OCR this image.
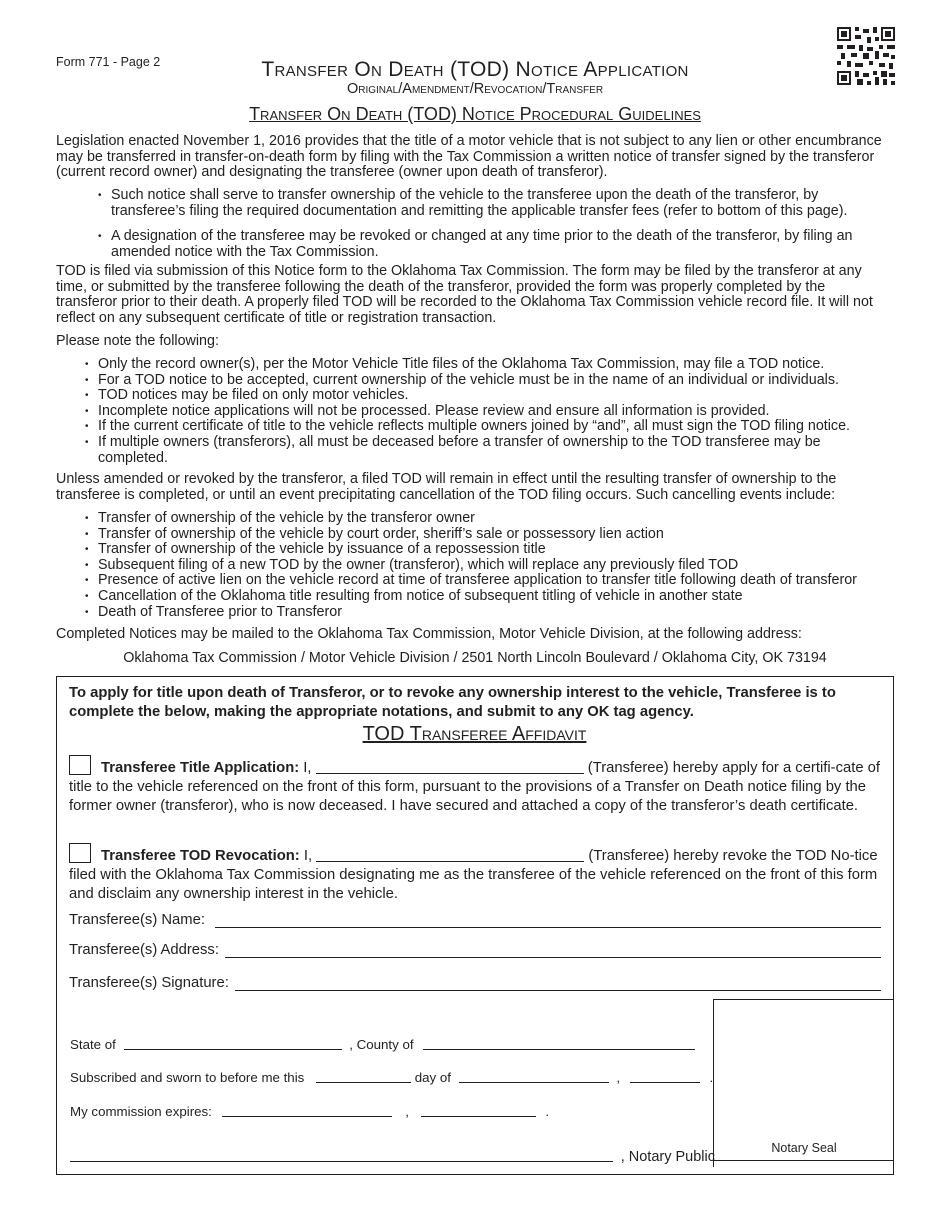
Form 771 - Page 2	Transfer On Death (TOD) Notice Application
Original/Amendment/Revocation/Transfer
Transfer On Death (TOD) Notice Procedural Guidelines

Legislation enacted November 1, 2016 provides that the title of a motor vehicle that is not subject to any lien or other encumbrance may be transferred in transfer-on-death form by filing with the Tax Commission a written notice of transfer signed by the transferor (current record owner) and designating the transferee (owner upon death of transferor).

• Such notice shall serve to transfer ownership of the vehicle to the transferee upon the death of the transferor, by transferee’s filing the required documentation and remitting the applicable transfer fees (refer to bottom of this page).
• A designation of the transferee may be revoked or changed at any time prior to the death of the transferor, by filing an amended notice with the Tax Commission.

TOD is filed via submission of this Notice form to the Oklahoma Tax Commission. The form may be filed by the transferor at any time, or submitted by the transferee following the death of the transferor, provided the form was properly completed by the transferor prior to their death. A properly filed TOD will be recorded to the Oklahoma Tax Commission vehicle record file. It will not reflect on any subsequent certificate of title or registration transaction.

Please note the following:

• Only the record owner(s), per the Motor Vehicle Title files of the Oklahoma Tax Commission, may file a TOD notice.
• For a TOD notice to be accepted, current ownership of the vehicle must be in the name of an individual or individuals.
• TOD notices may be filed on only motor vehicles.
• Incomplete notice applications will not be processed. Please review and ensure all information is provided.
• If the current certificate of title to the vehicle reflects multiple owners joined by “and”, all must sign the TOD filing notice.
• If multiple owners (transferors), all must be deceased before a transfer of ownership to the TOD transferee may be completed.

Unless amended or revoked by the transferor, a filed TOD will remain in effect until the resulting transfer of ownership to the transferee is completed, or until an event precipitating cancellation of the TOD filing occurs. Such cancelling events include:

• Transfer of ownership of the vehicle by the transferor owner
• Transfer of ownership of the vehicle by court order, sheriff’s sale or possessory lien action
• Transfer of ownership of the vehicle by issuance of a repossession title
• Subsequent filing of a new TOD by the owner (transferor), which will replace any previously filed TOD
• Presence of active lien on the vehicle record at time of transferee application to transfer title following death of transferor
• Cancellation of the Oklahoma title resulting from notice of subsequent titling of vehicle in another state
• Death of Transferee prior to Transferor

Completed Notices may be mailed to the Oklahoma Tax Commission, Motor Vehicle Division, at the following address:

Oklahoma Tax Commission / Motor Vehicle Division / 2501 North Lincoln Boulevard / Oklahoma City, OK 73194
To apply for title upon death of Transferor, or to revoke any ownership interest to the vehicle, Transferee is to complete the below, making the appropriate notations, and submit to any OK tag agency.
TOD Transferee Affidavit
Transferee Title Application: I,	(Transferee) hereby apply for a certifi-cate of title to the vehicle referenced on the front of this form, pursuant to the provisions of a Transfer on Death notice filing by the former owner (transferor), who is now deceased. I have secured and attached a copy of the transferor’s death certificate.
Transferee TOD Revocation: I,	(Transferee) hereby revoke the TOD No-tice filed with the Oklahoma Tax Commission designating me as the transferee of the vehicle referenced on the front of this form and disclaim any ownership interest in the vehicle.
Transferee(s) Name:
Transferee(s) Address:
Transferee(s) Signature:
State of	, County of
Subscribed and sworn to before me this	day of	,	.
My commission expires:	,	.
, Notary Public
Notary Seal
